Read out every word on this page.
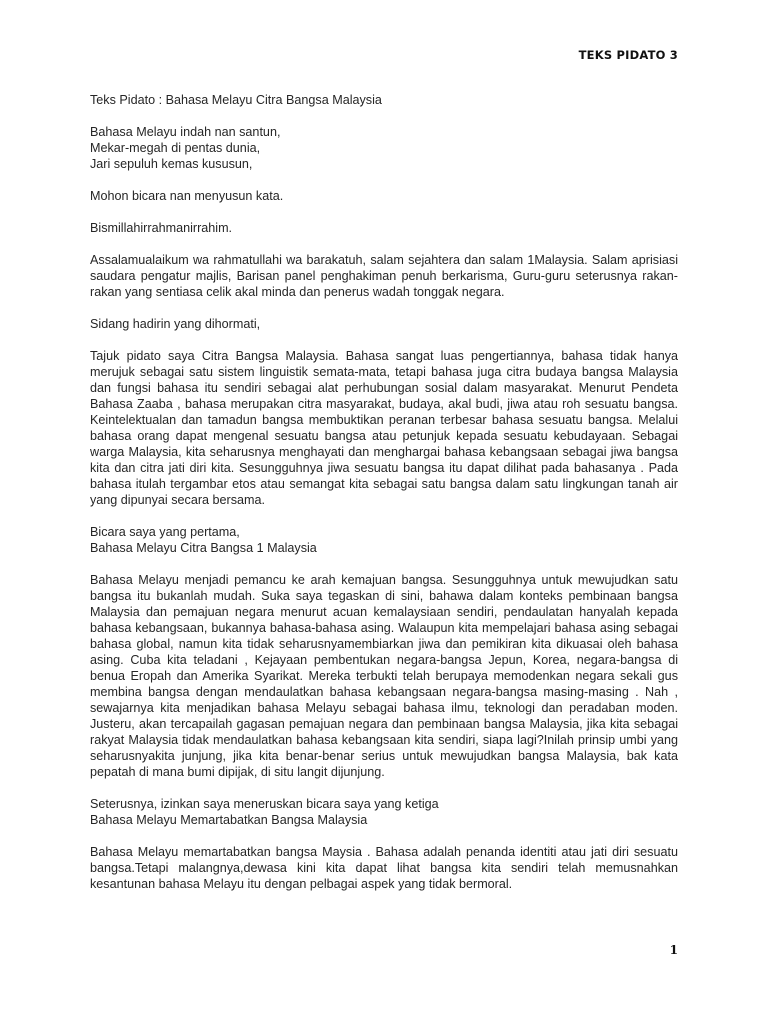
TEKS PIDATO 3

Teks Pidato : Bahasa Melayu Citra Bangsa Malaysia

Bahasa Melayu indah nan santun,

Mekar-megah di pentas dunia,

Jari sepuluh kemas kususun,

Mohon bicara nan menyusun kata.

Bismillahirrahmanirrahim.

Assalamualaikum wa rahmatullahi wa barakatuh, salam sejahtera dan salam 1Malaysia. Salam aprisiasi saudara pengatur majlis, Barisan panel penghakiman penuh berkarisma, Guru-guru seterusnya rakan-rakan yang sentiasa celik akal minda dan penerus wadah tonggak negara.

Sidang hadirin yang dihormati,

Tajuk pidato saya Citra Bangsa Malaysia. Bahasa sangat luas pengertiannya, bahasa tidak hanya merujuk sebagai satu sistem linguistik semata-mata, tetapi bahasa juga citra budaya bangsa Malaysia dan fungsi bahasa itu sendiri sebagai alat perhubungan sosial dalam masyarakat. Menurut Pendeta Bahasa Zaaba , bahasa merupakan citra masyarakat, budaya, akal budi, jiwa atau roh sesuatu bangsa. Keintelektualan dan tamadun bangsa membuktikan peranan terbesar bahasa sesuatu bangsa. Melalui bahasa orang dapat mengenal sesuatu bangsa atau petunjuk kepada sesuatu kebudayaan. Sebagai warga Malaysia, kita seharusnya menghayati dan menghargai bahasa kebangsaan sebagai jiwa bangsa kita dan citra jati diri kita. Sesungguhnya jiwa sesuatu bangsa itu dapat dilihat pada bahasanya . Pada bahasa itulah tergambar etos atau semangat kita sebagai satu bangsa dalam satu lingkungan tanah air yang dipunyai secara bersama.

Bicara saya yang pertama,

Bahasa Melayu Citra Bangsa 1 Malaysia

Bahasa Melayu menjadi pemancu ke arah kemajuan bangsa. Sesungguhnya untuk mewujudkan satu bangsa itu bukanlah mudah. Suka saya tegaskan di sini, bahawa dalam konteks pembinaan bangsa Malaysia dan pemajuan negara menurut acuan kemalaysiaan sendiri, pendaulatan hanyalah kepada bahasa kebangsaan, bukannya bahasa-bahasa asing. Walaupun kita mempelajari bahasa asing sebagai bahasa global, namun kita tidak seharusnyamembiarkan jiwa dan pemikiran kita dikuasai oleh bahasa asing. Cuba kita teladani , Kejayaan pembentukan negara-bangsa Jepun, Korea, negara-bangsa di benua Eropah dan Amerika Syarikat. Mereka terbukti telah berupaya memodenkan negara sekali gus membina bangsa dengan mendaulatkan bahasa kebangsaan negara-bangsa masing-masing . Nah , sewajarnya kita menjadikan bahasa Melayu sebagai bahasa ilmu, teknologi dan peradaban moden. Justeru, akan tercapailah gagasan pemajuan negara dan pembinaan bangsa Malaysia, jika kita sebagai rakyat Malaysia tidak mendaulatkan bahasa kebangsaan kita sendiri, siapa lagi?Inilah prinsip umbi yang seharusnyakita junjung, jika kita benar-benar serius untuk mewujudkan bangsa Malaysia, bak kata pepatah di mana bumi dipijak, di situ langit dijunjung.

Seterusnya, izinkan saya meneruskan bicara saya yang ketiga

Bahasa Melayu Memartabatkan Bangsa Malaysia

Bahasa Melayu memartabatkan bangsa Maysia . Bahasa adalah penanda identiti atau jati diri sesuatu bangsa.Tetapi malangnya,dewasa kini kita dapat lihat bangsa kita sendiri telah memusnahkan kesantunan bahasa Melayu itu dengan pelbagai aspek yang tidak bermoral.

1
